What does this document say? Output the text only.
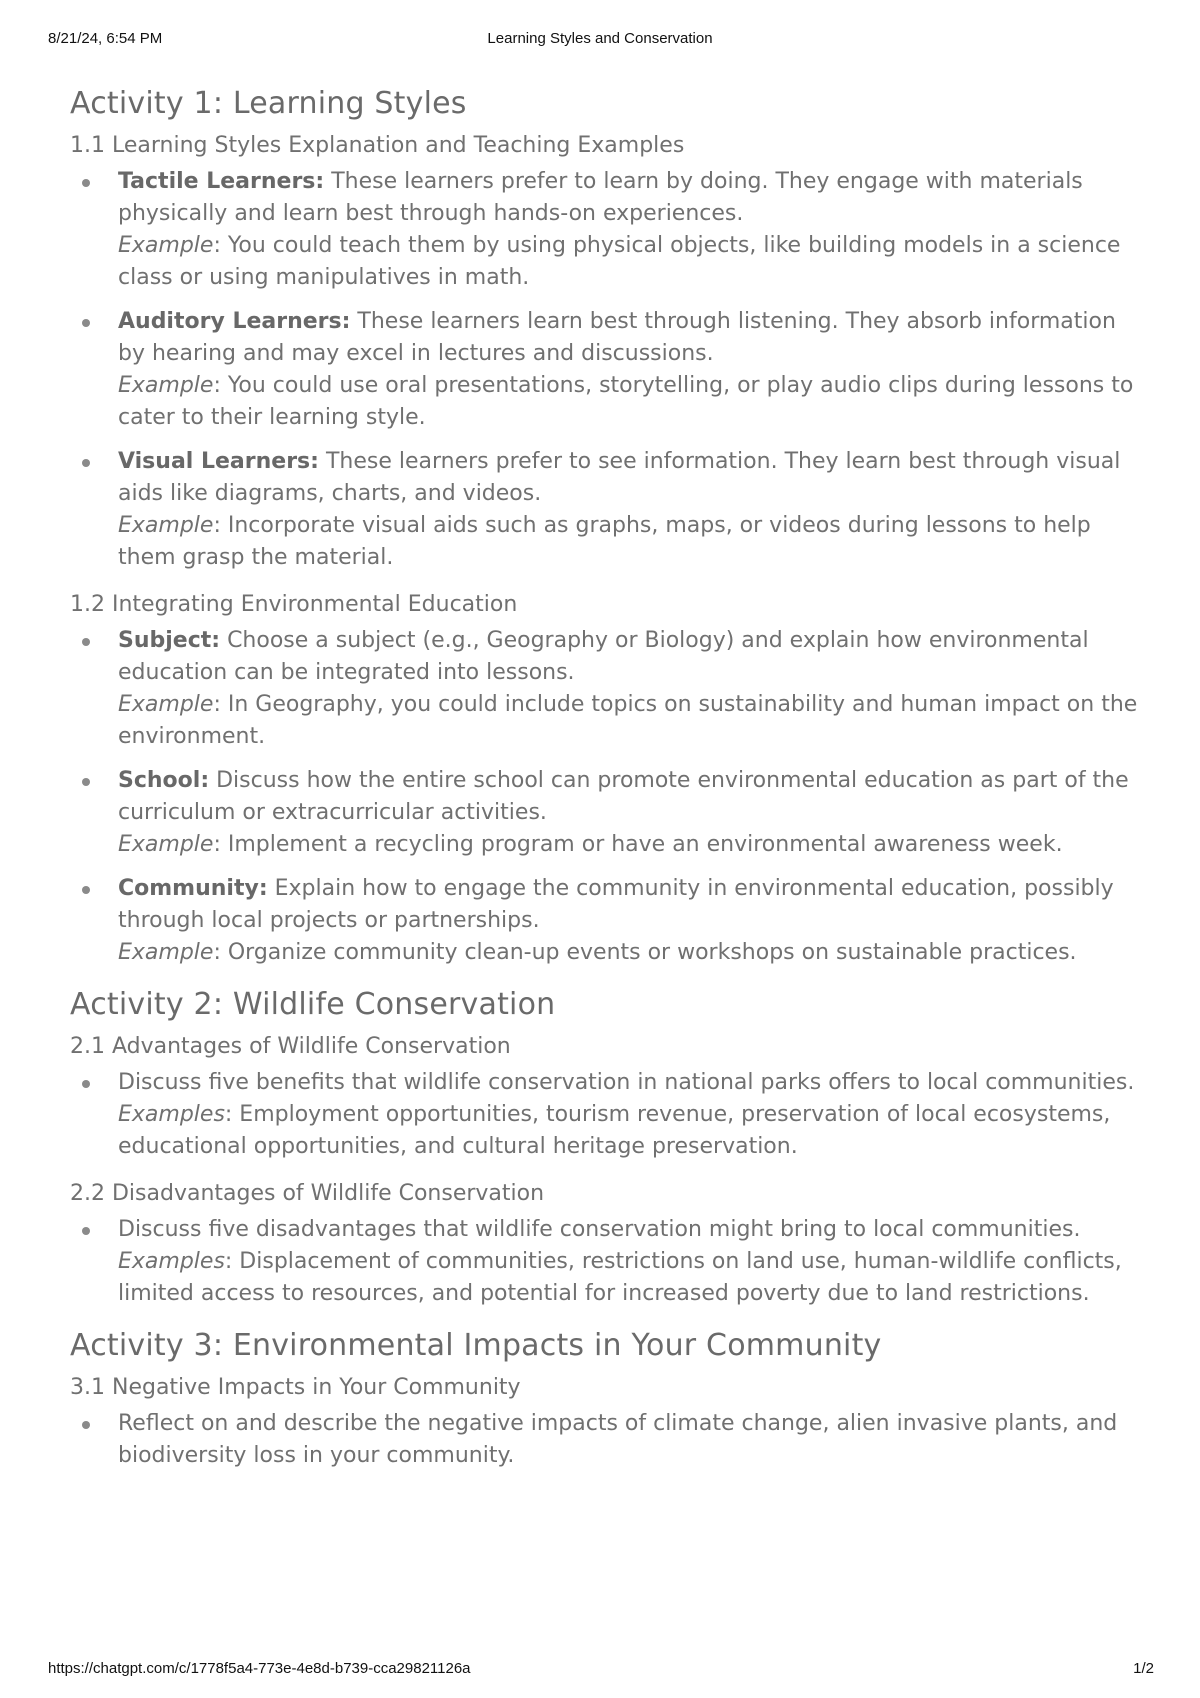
8/21/24, 6:54 PM	Learning Styles and Conservation
Activity 1: Learning Styles
1.1 Learning Styles Explanation and Teaching Examples
Tactile Learners: These learners prefer to learn by doing. They engage with materials physically and learn best through hands-on experiences.
Example: You could teach them by using physical objects, like building models in a science class or using manipulatives in math.
Auditory Learners: These learners learn best through listening. They absorb information by hearing and may excel in lectures and discussions.
Example: You could use oral presentations, storytelling, or play audio clips during lessons to cater to their learning style.
Visual Learners: These learners prefer to see information. They learn best through visual aids like diagrams, charts, and videos.
Example: Incorporate visual aids such as graphs, maps, or videos during lessons to help them grasp the material.
1.2 Integrating Environmental Education
Subject: Choose a subject (e.g., Geography or Biology) and explain how environmental education can be integrated into lessons.
Example: In Geography, you could include topics on sustainability and human impact on the environment.
School: Discuss how the entire school can promote environmental education as part of the curriculum or extracurricular activities.
Example: Implement a recycling program or have an environmental awareness week.
Community: Explain how to engage the community in environmental education, possibly through local projects or partnerships.
Example: Organize community clean-up events or workshops on sustainable practices.
Activity 2: Wildlife Conservation
2.1 Advantages of Wildlife Conservation
Discuss five benefits that wildlife conservation in national parks offers to local communities.
Examples: Employment opportunities, tourism revenue, preservation of local ecosystems, educational opportunities, and cultural heritage preservation.
2.2 Disadvantages of Wildlife Conservation
Discuss five disadvantages that wildlife conservation might bring to local communities.
Examples: Displacement of communities, restrictions on land use, human-wildlife conflicts, limited access to resources, and potential for increased poverty due to land restrictions.
Activity 3: Environmental Impacts in Your Community
3.1 Negative Impacts in Your Community
Reflect on and describe the negative impacts of climate change, alien invasive plants, and biodiversity loss in your community.
https://chatgpt.com/c/1778f5a4-773e-4e8d-b739-cca29821126a	1/2
